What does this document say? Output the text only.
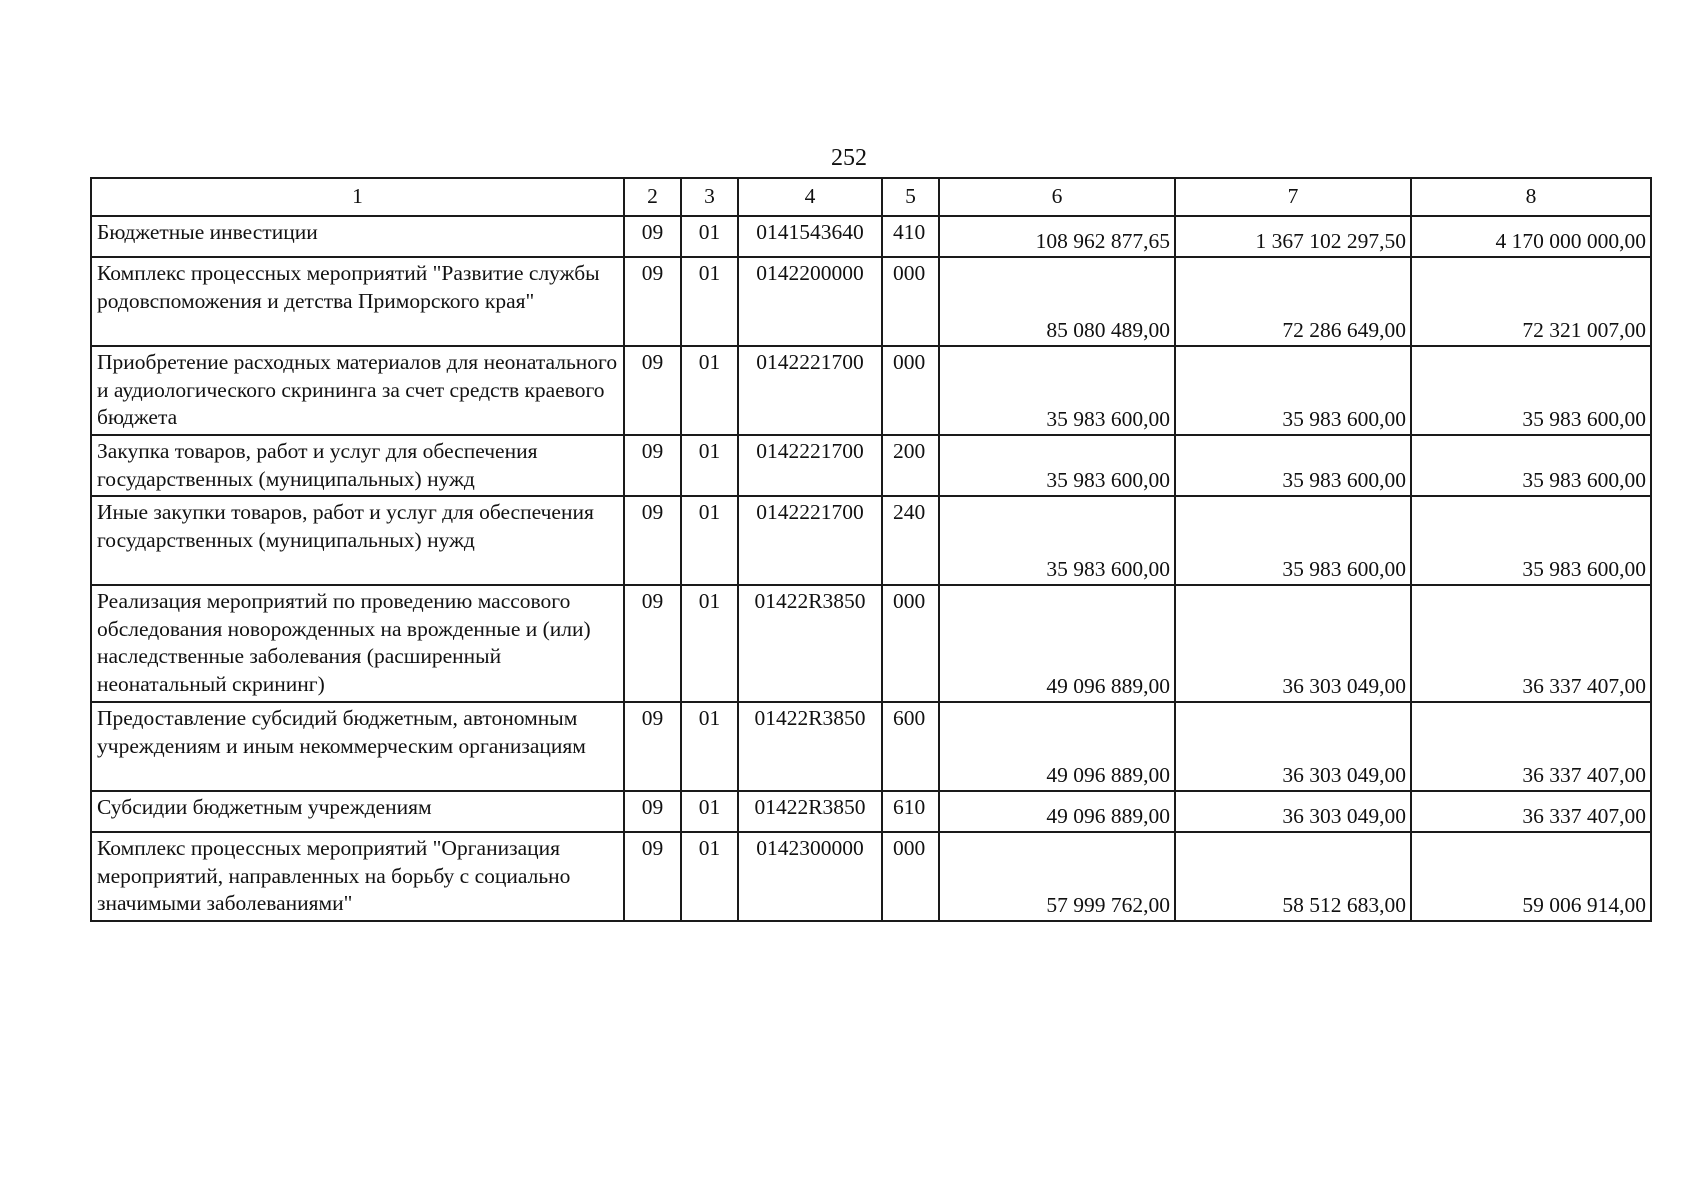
252
1	2	3	4	5	6	7	8
Бюджетные инвестиции	09	01	0141543640	410	108 962 877,65	1 367 102 297,50	4 170 000 000,00
Комплекс процессных мероприятий "Развитие службы родовспоможения и детства Приморского края"	09	01	0142200000	000	85 080 489,00	72 286 649,00	72 321 007,00
Приобретение расходных материалов для неонатального и аудиологического скрининга за счет средств краевого бюджета	09	01	0142221700	000	35 983 600,00	35 983 600,00	35 983 600,00
Закупка товаров, работ и услуг для обеспечения государственных (муниципальных) нужд	09	01	0142221700	200	35 983 600,00	35 983 600,00	35 983 600,00
Иные закупки товаров, работ и услуг для обеспечения государственных (муниципальных) нужд	09	01	0142221700	240	35 983 600,00	35 983 600,00	35 983 600,00
Реализация мероприятий по проведению массового обследования новорожденных на врожденные и (или) наследственные заболевания (расширенный неонатальный скрининг)	09	01	01422R3850	000	49 096 889,00	36 303 049,00	36 337 407,00
Предоставление субсидий бюджетным, автономным учреждениям и иным некоммерческим организациям	09	01	01422R3850	600	49 096 889,00	36 303 049,00	36 337 407,00
Субсидии бюджетным учреждениям	09	01	01422R3850	610	49 096 889,00	36 303 049,00	36 337 407,00
Комплекс процессных мероприятий "Организация мероприятий, направленных на борьбу с социально значимыми заболеваниями"	09	01	0142300000	000	57 999 762,00	58 512 683,00	59 006 914,00
